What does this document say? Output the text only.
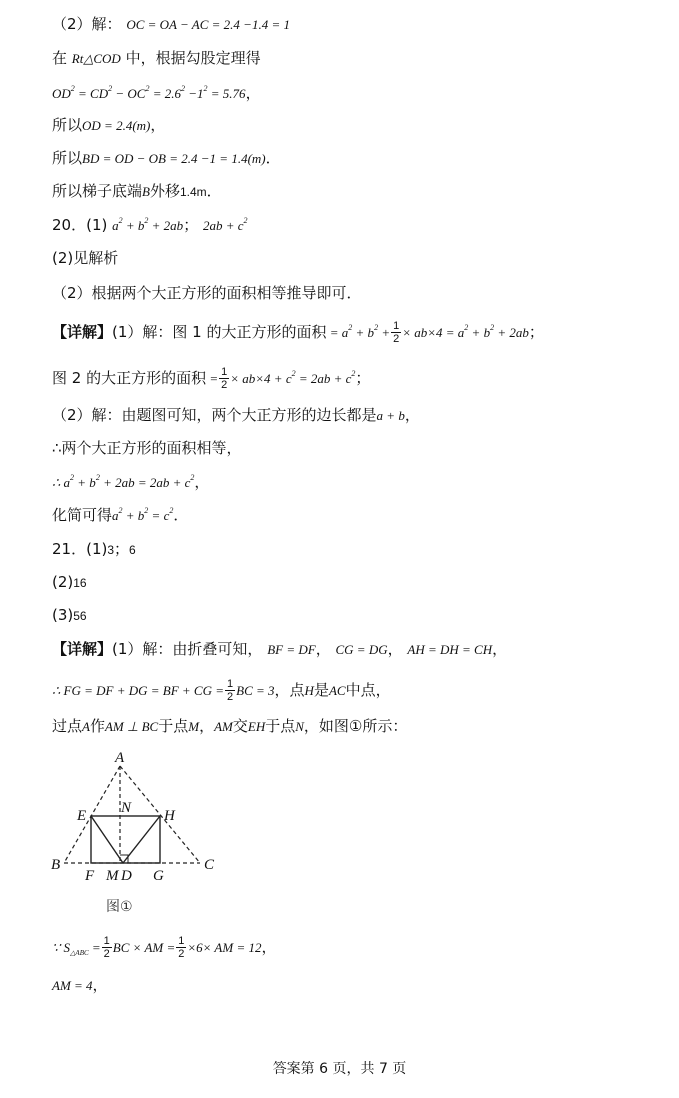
（2）解： OC = OA − AC = 2.4 −1.4 = 1
在 Rt△COD 中，根据勾股定理得
$OD^2 = CD^2 - OC^2 = 2.6^2 -1^2 = 5.76$，
所以OD = 2.4(m)，
所以BD = OD − OB = 2.4 −1 = 1.4(m)．
所以梯子底端B外移1.4m．
20．(1) $a^2 + b^2 + 2ab$； $2ab + c^2$
(2)见解析
（2）根据两个大正方形的面积相等推导即可．
【详解】(1）解：图 1 的大正方形的面积 = $a^2 + b^2 + \frac{1}{2} \times ab\times 4 = a^2 + b^2 + 2ab$；
图 2 的大正方形的面积 = $\frac{1}{2} \times ab\times 4 + c^2 = 2ab + c^2$；
（2）解：由题图可知，两个大正方形的边长都是a + b，
∴两个大正方形的面积相等，
∴ $a^2 + b^2 + 2ab = 2ab + c^2$，
化简可得$a^2 + b^2 = c^2$．
21．(1)3；6
(2)16
(3)56
【详解】(1）解：由折叠可知， BF = DF， CG = DG， AH = DH = CH，
∴ FG = DF + DG = BF + CG = $\frac{1}{2}$ BC = 3，点H是AC中点，
过点A作AM ⊥ BC于点M，AM交EH于点N，如图①所示：
A
B	C
E	H
N
F M D G
图①
∵ $S_{\triangle ABC} = \frac{1}{2}$ BC × AM = $\frac{1}{2} \times 6\times$ AM = 12，
AM = 4，
答案第 6 页，共 7 页
